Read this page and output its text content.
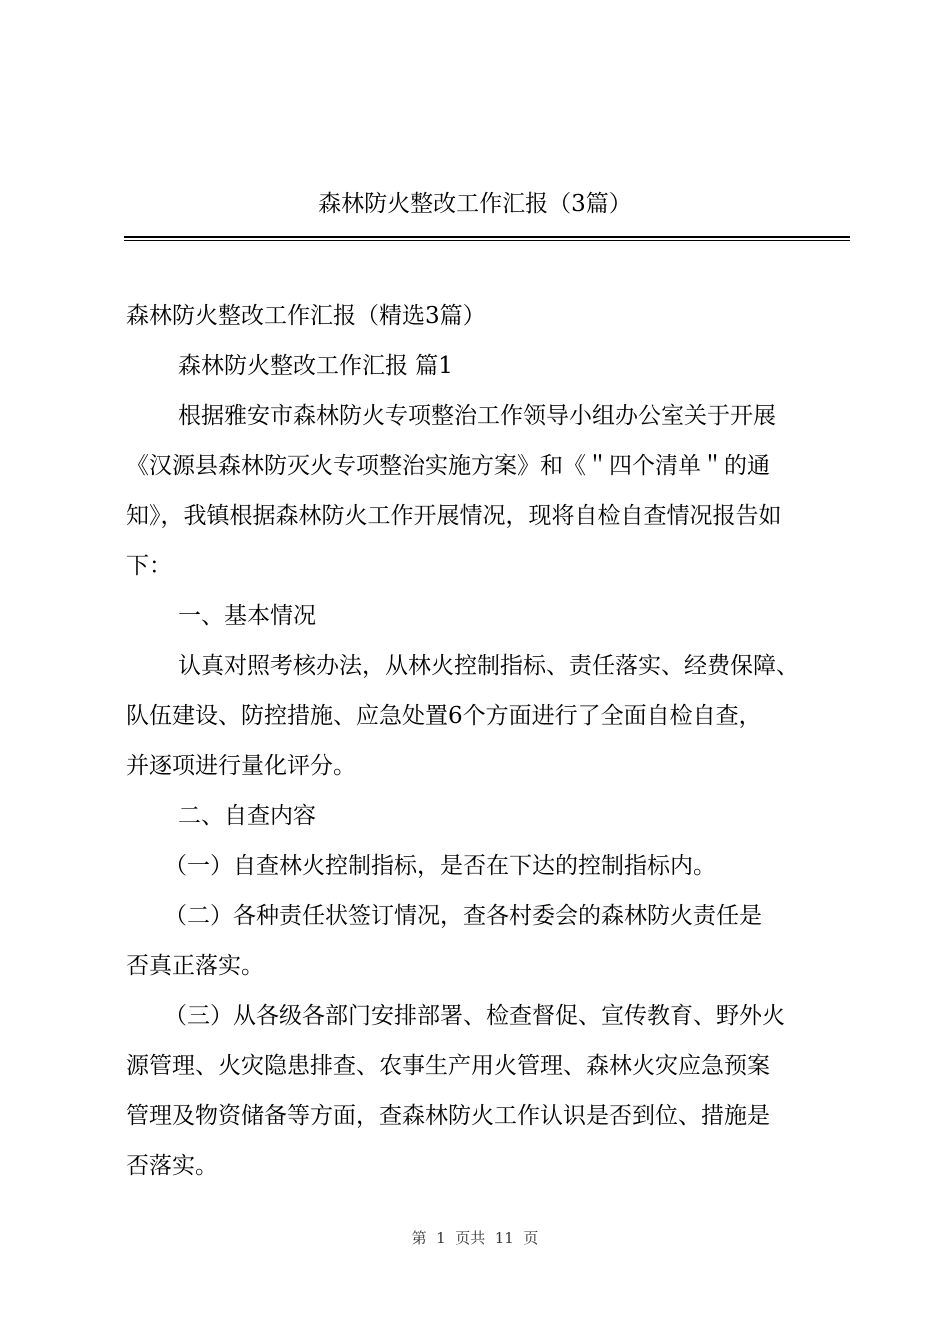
森林防火整改工作汇报（3篇）
森林防火整改工作汇报（精选3篇）
森林防火整改工作汇报 篇1
根据雅安市森林防火专项整治工作领导小组办公室关于开展
《汉源县森林防灭火专项整治实施方案》和《＂四个清单＂的通
知》，我镇根据森林防火工作开展情况，现将自检自查情况报告如
下：
一、基本情况
认真对照考核办法，从林火控制指标、责任落实、经费保障、
队伍建设、防控措施、应急处置6个方面进行了全面自检自查，
并逐项进行量化评分。
二、自查内容
（一）自查林火控制指标，是否在下达的控制指标内。
（二）各种责任状签订情况，查各村委会的森林防火责任是
否真正落实。
（三）从各级各部门安排部署、检查督促、宣传教育、野外火
源管理、火灾隐患排查、农事生产用火管理、森林火灾应急预案
管理及物资储备等方面，查森林防火工作认识是否到位、措施是
否落实。
第  1  页共  11  页
